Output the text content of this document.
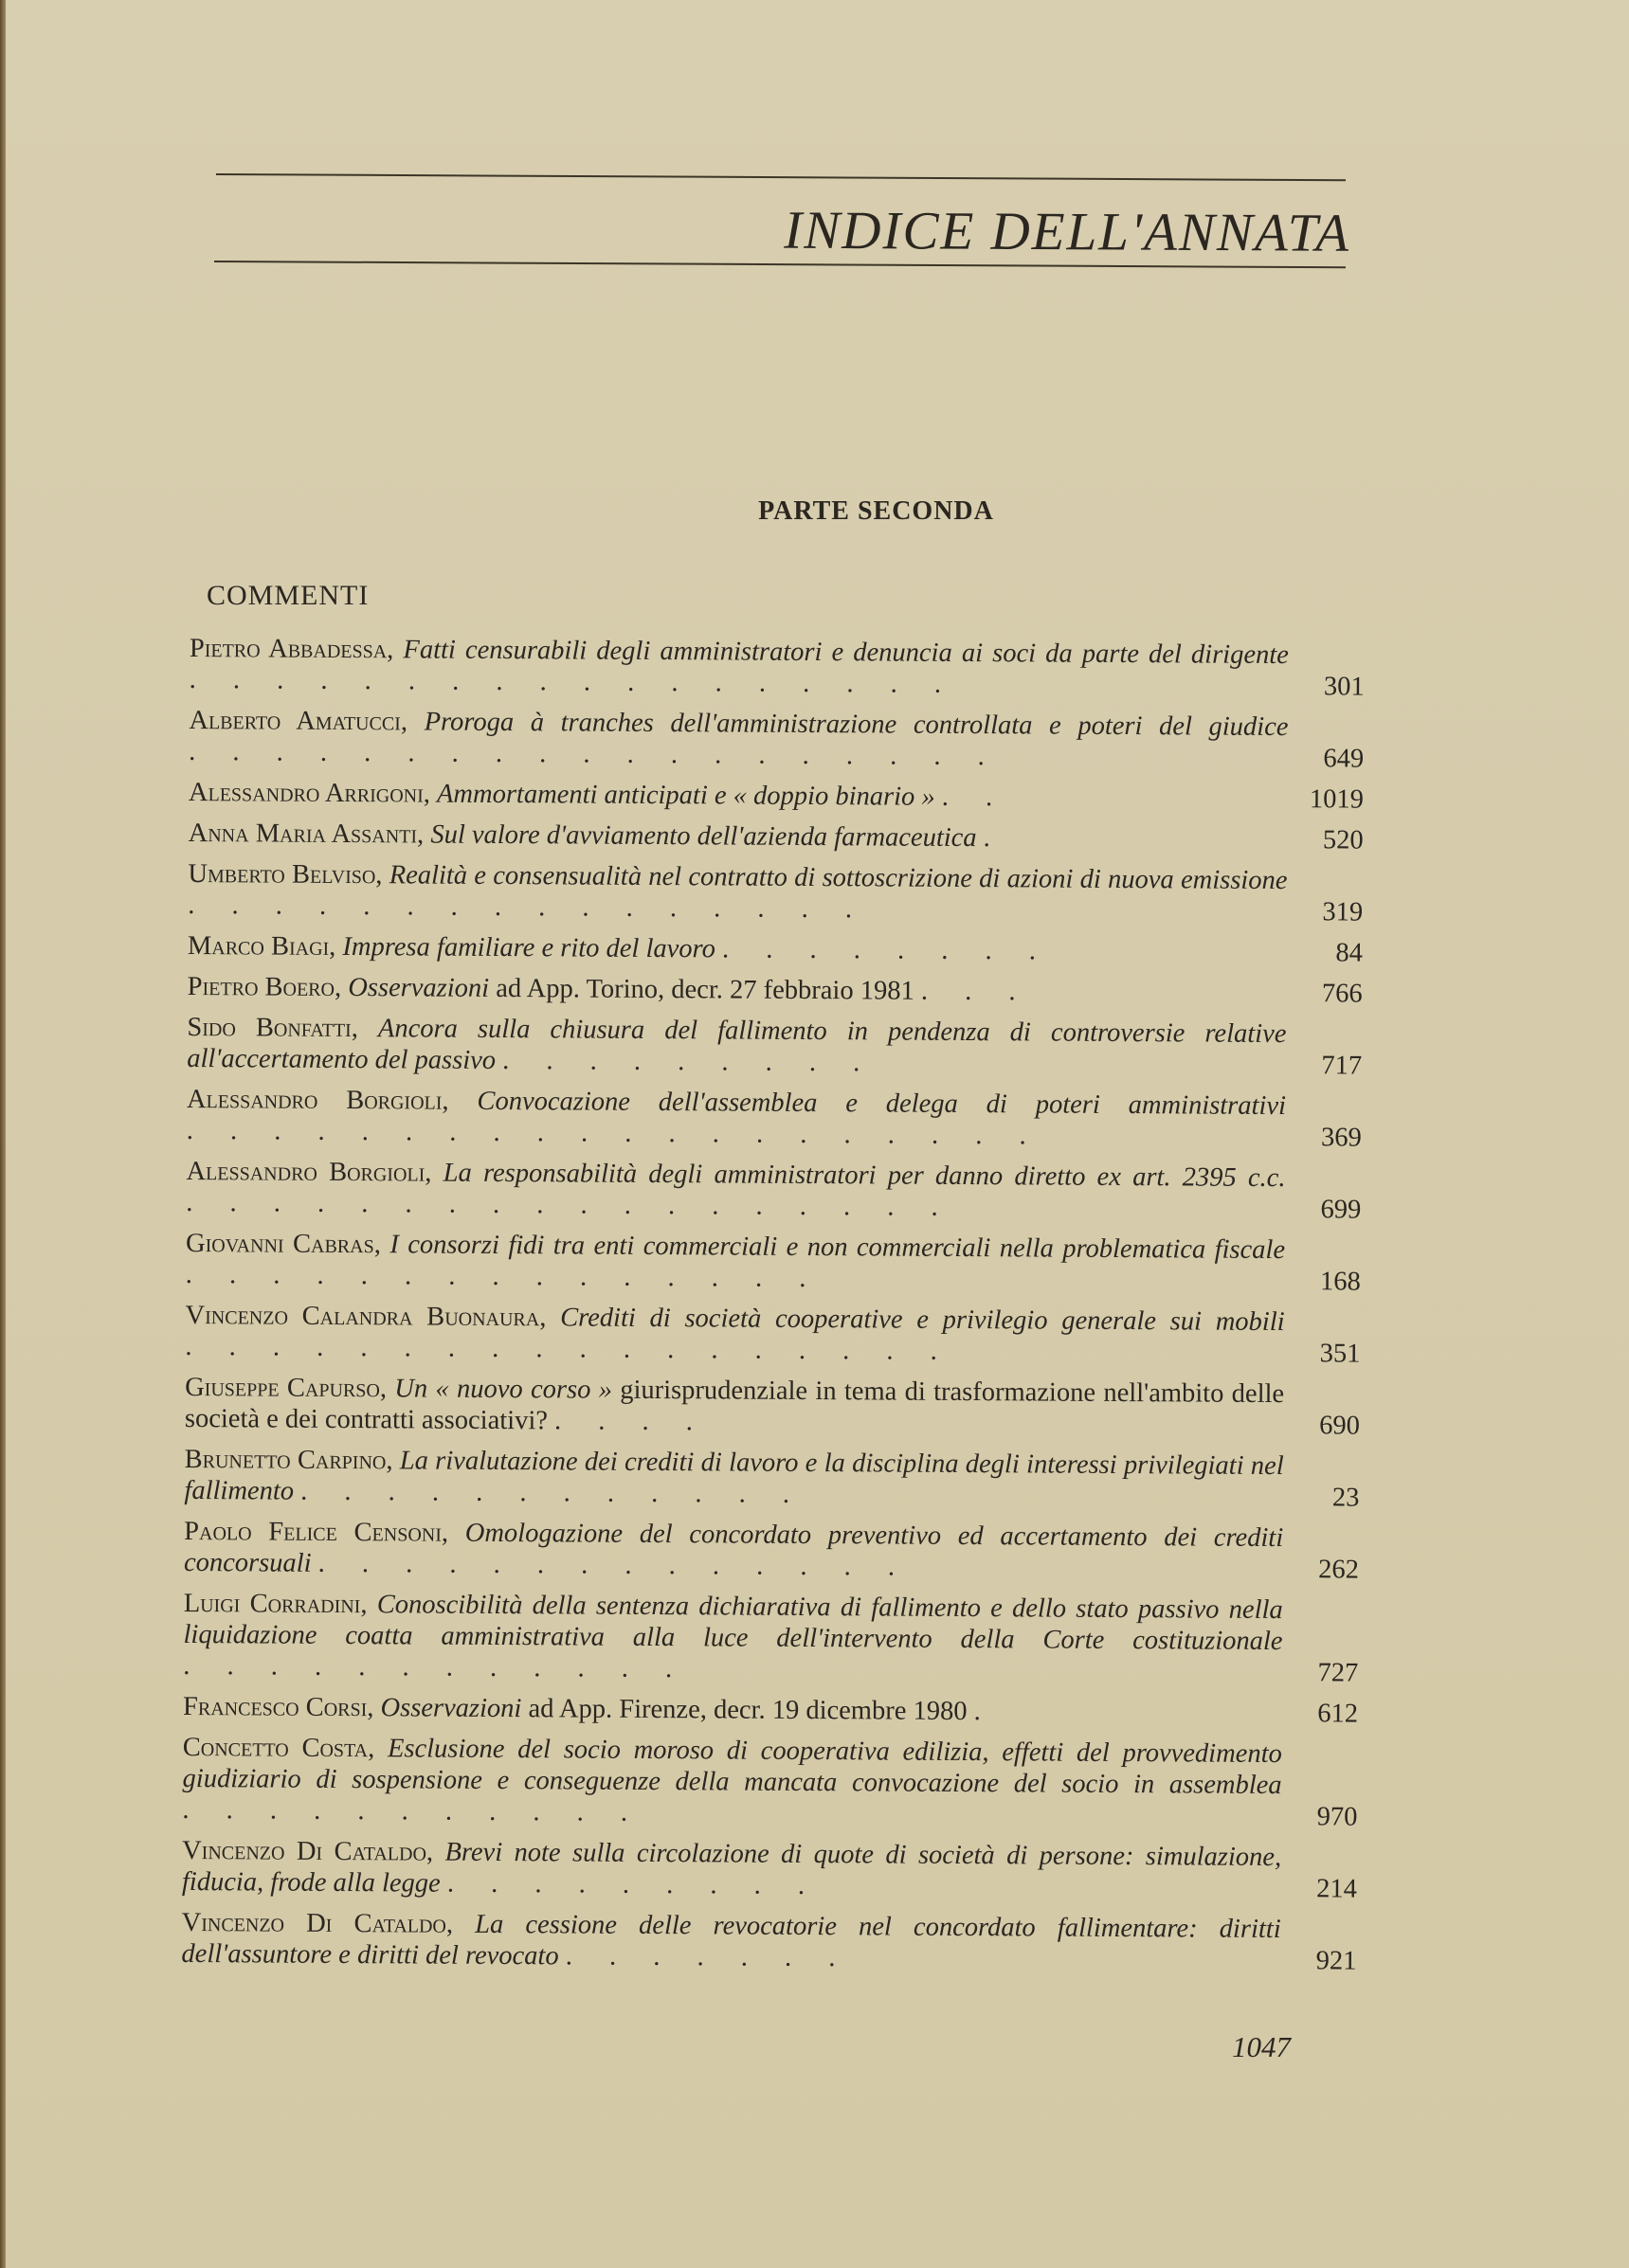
INDICE DELL'ANNATA
PARTE SECONDA
COMMENTI
Pietro Abbadessa, Fatti censurabili degli amministratori e denuncia ai soci da parte del dirigente . . . . . . . . . . . . . . . . . .	301
Alberto Amatucci, Proroga à tranches dell'amministrazione controllata e poteri del giudice . . . . . . . . . . . . . . . . . . .	649
Alessandro Arrigoni, Ammortamenti anticipati e « doppio binario » . .	1019
Anna Maria Assanti, Sul valore d'avviamento dell'azienda farmaceutica .	520
Umberto Belviso, Realità e consensualità nel contratto di sottoscrizione di azioni di nuova emissione . . . . . . . . . . . . . . . .	319
Marco Biagi, Impresa familiare e rito del lavoro . . . . . . . .	84
Pietro Boero, Osservazioni ad App. Torino, decr. 27 febbraio 1981 . . .	766
Sido Bonfatti, Ancora sulla chiusura del fallimento in pendenza di controversie relative all'accertamento del passivo . . . . . . . . .	717
Alessandro Borgioli, Convocazione dell'assemblea e delega di poteri amministrativi . . . . . . . . . . . . . . . . . . . .	369
Alessandro Borgioli, La responsabilità degli amministratori per danno diretto ex art. 2395 c.c. . . . . . . . . . . . . . . . . . .	699
Giovanni Cabras, I consorzi fidi tra enti commerciali e non commerciali nella problematica fiscale . . . . . . . . . . . . . . .	168
Vincenzo Calandra Buonaura, Crediti di società cooperative e privilegio generale sui mobili . . . . . . . . . . . . . . . . . .	351
Giuseppe Capurso, Un « nuovo corso » giurisprudenziale in tema di trasformazione nell'ambito delle società e dei contratti associativi? . . . .	690
Brunetto Carpino, La rivalutazione dei crediti di lavoro e la disciplina degli interessi privilegiati nel fallimento . . . . . . . . . . . .	23
Paolo Felice Censoni, Omologazione del concordato preventivo ed accertamento dei crediti concorsuali . . . . . . . . . . . . . .	262
Luigi Corradini, Conoscibilità della sentenza dichiarativa di fallimento e dello stato passivo nella liquidazione coatta amministrativa alla luce dell'intervento della Corte costituzionale . . . . . . . . . . . .	727
Francesco Corsi, Osservazioni ad App. Firenze, decr. 19 dicembre 1980 .	612
Concetto Costa, Esclusione del socio moroso di cooperativa edilizia, effetti del provvedimento giudiziario di sospensione e conseguenze della mancata convocazione del socio in assemblea . . . . . . . . . . .	970
Vincenzo Di Cataldo, Brevi note sulla circolazione di quote di società di persone: simulazione, fiducia, frode alla legge . . . . . . . . .	214
Vincenzo Di Cataldo, La cessione delle revocatorie nel concordato fallimentare: diritti dell'assuntore e diritti del revocato . . . . . . .	921
1047
